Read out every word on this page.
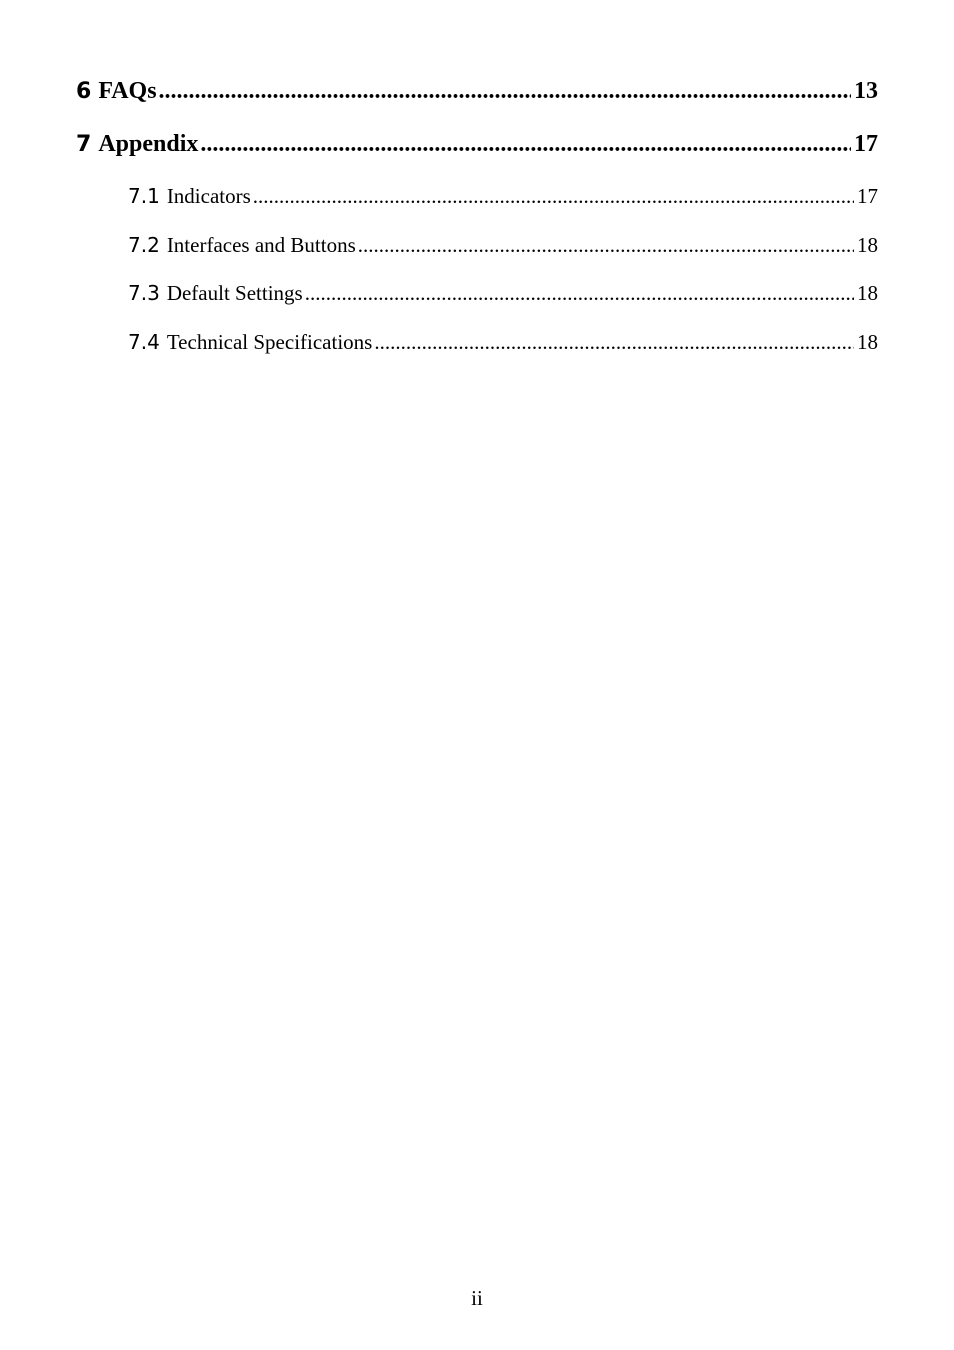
6 FAQs .....	13
7 Appendix .....	17
7.1 Indicators .....	17
7.2 Interfaces and Buttons .....	18
7.3 Default Settings .....	18
7.4 Technical Specifications .....	18
ii
